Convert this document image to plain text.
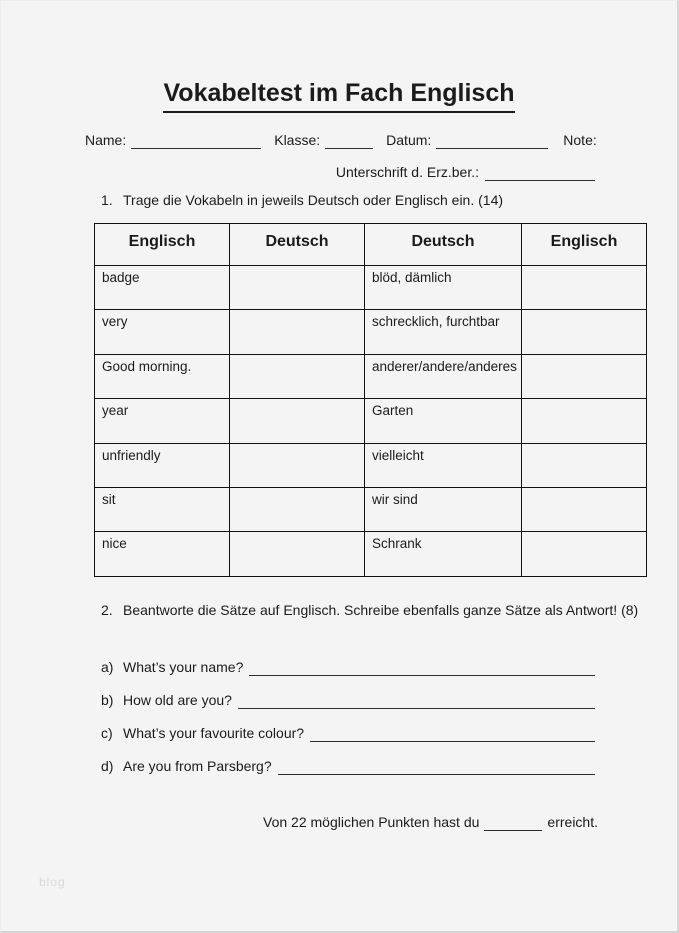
Vokabeltest im Fach Englisch
Name:	Klasse:	Datum:	Note:
Unterschrift d. Erz.ber.:
1. Trage die Vokabeln in jeweils Deutsch oder Englisch ein. (14)
Englisch	Deutsch	Deutsch	Englisch
badge		blöd, dämlich	
very		schrecklich, furchtbar	
Good morning.		anderer/andere/anderes	
year		Garten	
unfriendly		vielleicht	
sit		wir sind	
nice		Schrank	
2. Beantworte die Sätze auf Englisch. Schreibe ebenfalls ganze Sätze als Antwort! (8)
a) What’s your name?
b) How old are you?
c) What’s your favourite colour?
d) Are you from Parsberg?
Von 22 möglichen Punkten hast du	erreicht.
blog
